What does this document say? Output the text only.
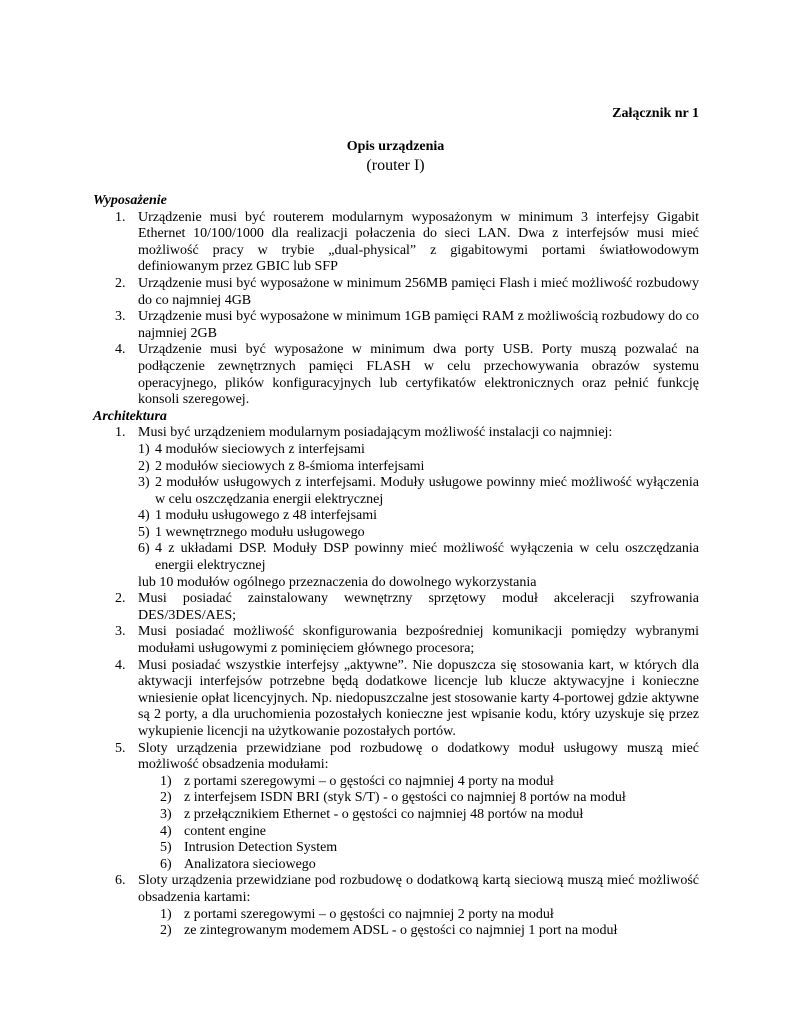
Załącznik nr 1
Opis urządzenia
(router I)
Wyposażenie
1. Urządzenie musi być routerem modularnym wyposażonym w minimum 3 interfejsy Gigabit Ethernet 10/100/1000 dla realizacji połaczenia do sieci LAN. Dwa z interfejsów musi mieć możliwość pracy w trybie „dual-physical” z gigabitowymi portami światłowodowym definiowanym przez GBIC lub SFP
2. Urządzenie musi być wyposażone w minimum 256MB pamięci Flash i mieć możliwość rozbudowy do co najmniej 4GB
3. Urządzenie musi być wyposażone w minimum 1GB pamięci RAM z możliwością rozbudowy do co najmniej 2GB
4. Urządzenie musi być wyposażone w minimum dwa porty USB. Porty muszą pozwalać na podłączenie zewnętrznych pamięci FLASH w celu przechowywania obrazów systemu operacyjnego, plików konfiguracyjnych lub certyfikatów elektronicznych oraz pełnić funkcję konsoli szeregowej.
Architektura
1. Musi być urządzeniem modularnym posiadającym możliwość instalacji co najmniej:
1) 4 modułów sieciowych z interfejsami
2) 2 modułów sieciowych z 8-śmioma interfejsami
3) 2 modułów usługowych z interfejsami. Moduły usługowe powinny mieć możliwość wyłączenia w celu oszczędzania energii elektrycznej
4) 1 modułu usługowego z 48 interfejsami
5) 1 wewnętrznego modułu usługowego
6) 4 z układami DSP. Moduły DSP powinny mieć możliwość wyłączenia w celu oszczędzania energii elektrycznej
lub 10 modułów ogólnego przeznaczenia do dowolnego wykorzystania
2. Musi posiadać zainstalowany wewnętrzny sprzętowy moduł akceleracji szyfrowania DES/3DES/AES;
3. Musi posiadać możliwość skonfigurowania bezpośredniej komunikacji pomiędzy wybranymi modułami usługowymi z pominięciem głównego procesora;
4. Musi posiadać wszystkie interfejsy „aktywne”. Nie dopuszcza się stosowania kart, w których dla aktywacji interfejsów potrzebne będą dodatkowe licencje lub klucze aktywacyjne i konieczne wniesienie opłat licencyjnych. Np. niedopuszczalne jest stosowanie karty 4-portowej gdzie aktywne są 2 porty, a dla uruchomienia pozostałych konieczne jest wpisanie kodu, który uzyskuje się przez wykupienie licencji na użytkowanie pozostałych portów.
5. Sloty urządzenia przewidziane pod rozbudowę o dodatkowy moduł usługowy muszą mieć możliwość obsadzenia modułami:
1) z portami szeregowymi – o gęstości co najmniej 4 porty na moduł
2) z interfejsem ISDN BRI (styk S/T) - o gęstości co najmniej 8 portów na moduł
3) z przełącznikiem Ethernet - o gęstości co najmniej 48 portów na moduł
4) content engine
5) Intrusion Detection System
6) Analizatora sieciowego
6. Sloty urządzenia przewidziane pod rozbudowę o dodatkową kartą sieciową muszą mieć możliwość obsadzenia kartami:
1) z portami szeregowymi – o gęstości co najmniej 2 porty na moduł
2) ze zintegrowanym modemem ADSL - o gęstości co najmniej 1 port na moduł
